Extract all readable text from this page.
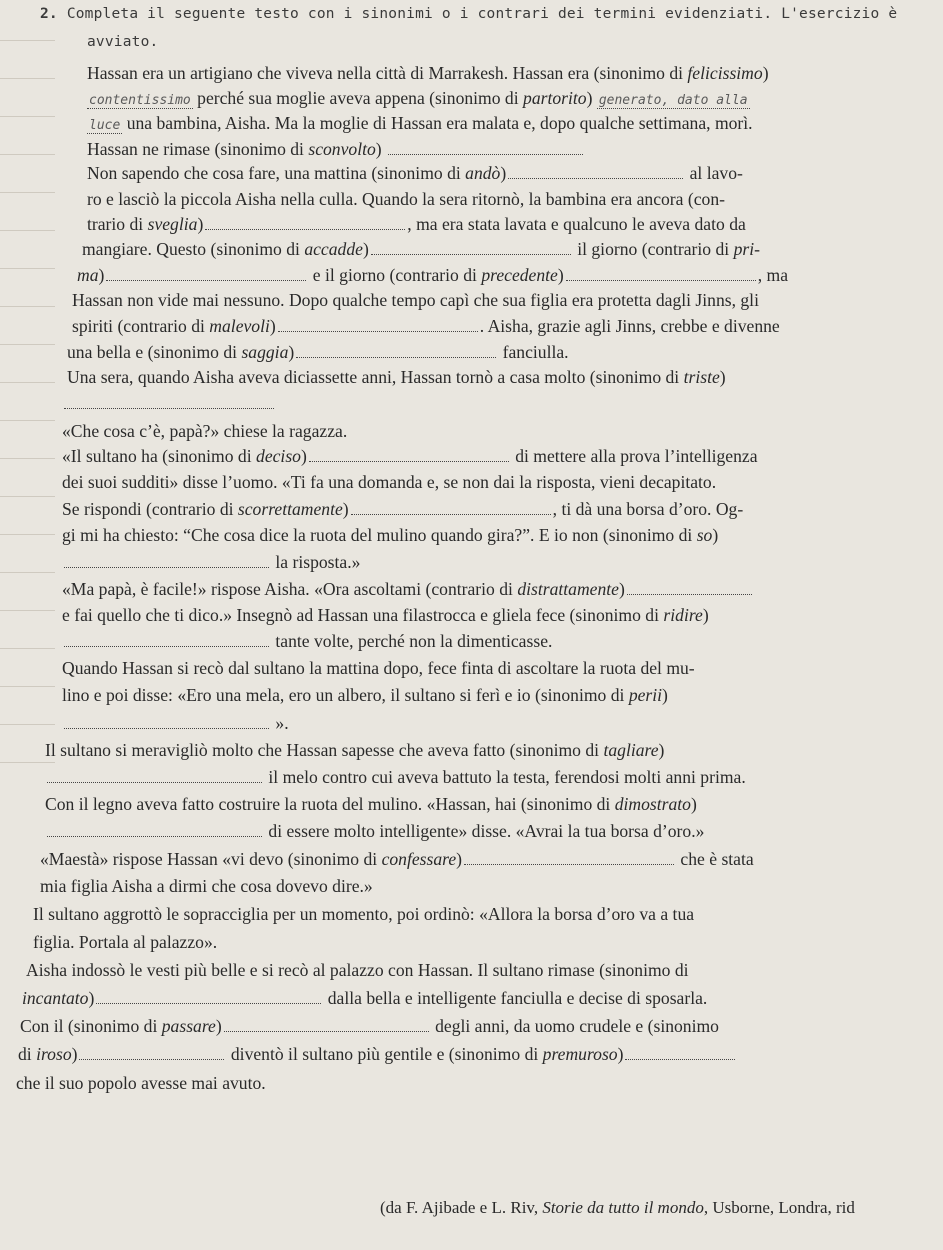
2. Completa il seguente testo con i sinonimi o i contrari dei termini evidenziati. L'esercizio è
avviato.
Hassan era un artigiano che viveva nella città di Marrakesh. Hassan era (sinonimo di felicissimo)
contentissimo perché sua moglie aveva appena (sinonimo di partorito) generato, dato alla
luce una bambina, Aisha. Ma la moglie di Hassan era malata e, dopo qualche settimana, morì.
Hassan ne rimase (sinonimo di sconvolto)
Non sapendo che cosa fare, una mattina (sinonimo di andò)	al lavo-
ro e lasciò la piccola Aisha nella culla. Quando la sera ritornò, la bambina era ancora (con-
trario di sveglia)	, ma era stata lavata e qualcuno le aveva dato da
mangiare. Questo (sinonimo di accadde)	il giorno (contrario di pri-
ma)	e il giorno (contrario di precedente)	, ma
Hassan non vide mai nessuno. Dopo qualche tempo capì che sua figlia era protetta dagli Jinns, gli
spiriti (contrario di malevoli)	. Aisha, grazie agli Jinns, crebbe e divenne
una bella e (sinonimo di saggia)	fanciulla.
Una sera, quando Aisha aveva diciassette anni, Hassan tornò a casa molto (sinonimo di triste)
«Che cosa c’è, papà?» chiese la ragazza.
«Il sultano ha (sinonimo di deciso)	di mettere alla prova l’intelligenza
dei suoi sudditi» disse l’uomo. «Ti fa una domanda e, se non dai la risposta, vieni decapitato.
Se rispondi (contrario di scorrettamente)	, ti dà una borsa d’oro. Og-
gi mi ha chiesto: “Che cosa dice la ruota del mulino quando gira?”. E io non (sinonimo di so)
la risposta.»
«Ma papà, è facile!» rispose Aisha. «Ora ascoltami (contrario di distrattamente)
e fai quello che ti dico.» Insegnò ad Hassan una filastrocca e gliela fece (sinonimo di ridire)
tante volte, perché non la dimenticasse.
Quando Hassan si recò dal sultano la mattina dopo, fece finta di ascoltare la ruota del mu-
lino e poi disse: «Ero una mela, ero un albero, il sultano si ferì e io (sinonimo di perii)
».
Il sultano si meravigliò molto che Hassan sapesse che aveva fatto (sinonimo di tagliare)
il melo contro cui aveva battuto la testa, ferendosi molti anni prima.
Con il legno aveva fatto costruire la ruota del mulino. «Hassan, hai (sinonimo di dimostrato)
di essere molto intelligente» disse. «Avrai la tua borsa d’oro.»
«Maestà» rispose Hassan «vi devo (sinonimo di confessare)	che è stata
mia figlia Aisha a dirmi che cosa dovevo dire.»
Il sultano aggrottò le sopracciglia per un momento, poi ordinò: «Allora la borsa d’oro va a tua
figlia. Portala al palazzo».
Aisha indossò le vesti più belle e si recò al palazzo con Hassan. Il sultano rimase (sinonimo di
incantato)	dalla bella e intelligente fanciulla e decise di sposarla.
Con il (sinonimo di passare)	degli anni, da uomo crudele e (sinonimo
di iroso)	diventò il sultano più gentile e (sinonimo di premuroso)
che il suo popolo avesse mai avuto.
(da F. Ajibade e L. Riv, Storie da tutto il mondo, Usborne, Londra, rid
